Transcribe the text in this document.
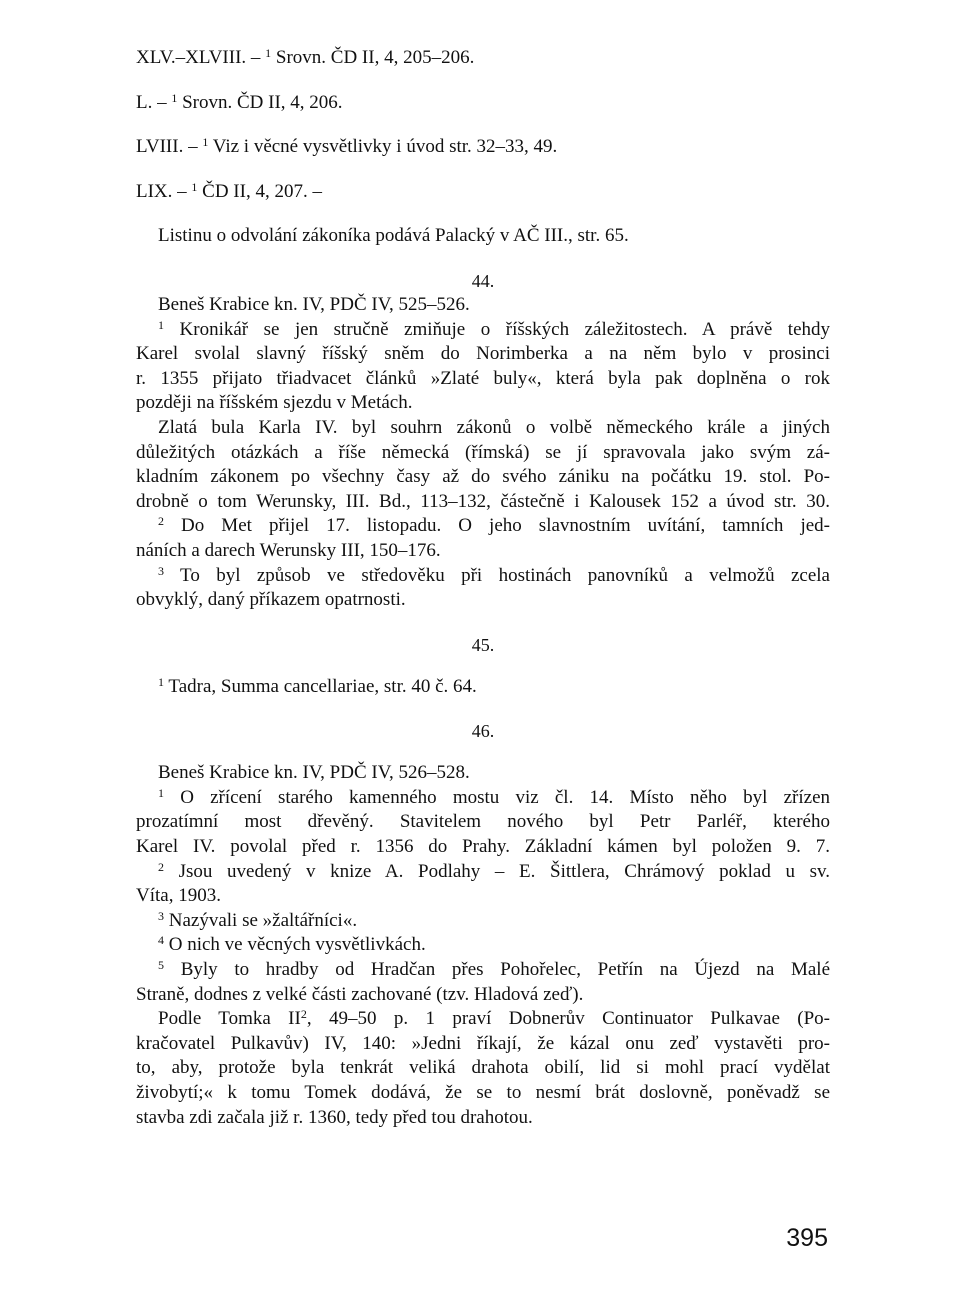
XLV.–XLVIII. – $^1$ Srovn. ČD II, 4, 205–206.
L. – $^1$ Srovn. ČD II, 4, 206.
LVIII. – $^1$ Viz i věcné vysvětlivky i úvod str. 32–33, 49.
LIX. – $^1$ ČD II, 4, 207. –
Listinu o odvolání zákoníka podává Palacký v AČ III., str. 65.
44.
Beneš Krabice kn. IV, PDČ IV, 525–526.
$^1$ Kronikář se jen stručně zmiňuje o říšských záležitostech. A právě tehdy
Karel svolal slavný říšský sněm do Norimberka a na něm bylo v prosinci
r. 1355 přijato třiadvacet článků »Zlaté buly«, která byla pak doplněna o rok
později na říšském sjezdu v Metách.
Zlatá bula Karla IV. byl souhrn zákonů o volbě německého krále a jiných
důležitých otázkách a říše německá (římská) se jí spravovala jako svým zá-
kladním zákonem po všechny časy až do svého zániku na počátku 19. stol. Po-
drobně o tom Werunsky, III. Bd., 113–132, částečně i Kalousek 152 a úvod str. 30.
$^2$ Do Met přijel 17. listopadu. O jeho slavnostním uvítání, tamních jed-
náních a darech Werunsky III, 150–176.
$^3$ To byl způsob ve středověku při hostinách panovníků a velmožů zcela
obvyklý, daný příkazem opatrnosti.
45.
$^1$ Tadra, Summa cancellariae, str. 40 č. 64.
46.
Beneš Krabice kn. IV, PDČ IV, 526–528.
$^1$ O zřícení starého kamenného mostu viz čl. 14. Místo něho byl zřízen
prozatímní most dřevěný. Stavitelem nového byl Petr Parléř, kterého
Karel IV. povolal před r. 1356 do Prahy. Základní kámen byl položen 9. 7.
$^2$ Jsou uvedený v knize A. Podlahy – E. Šittlera, Chrámový poklad u sv.
Víta, 1903.
$^3$ Nazývali se »žaltářníci«.
$^4$ O nich ve věcných vysvětlivkách.
$^5$ Byly to hradby od Hradčan přes Pohořelec, Petřín na Újezd na Malé
Straně, dodnes z velké části zachované (tzv. Hladová zeď).
Podle Tomka $II^2$, 49–50 p. 1 praví Dobnerův Continuator Pulkavae (Po-
kračovatel Pulkavův) IV, 140: »Jedni říkají, že kázal onu zeď vystavěti pro-
to, aby, protože byla tenkrát veliká drahota obilí, lid si mohl prací vydělat
živobytí;« k tomu Tomek dodává, že se to nesmí brát doslovně, poněvadž se
stavba zdi začala již r. 1360, tedy před tou drahotou.
395
